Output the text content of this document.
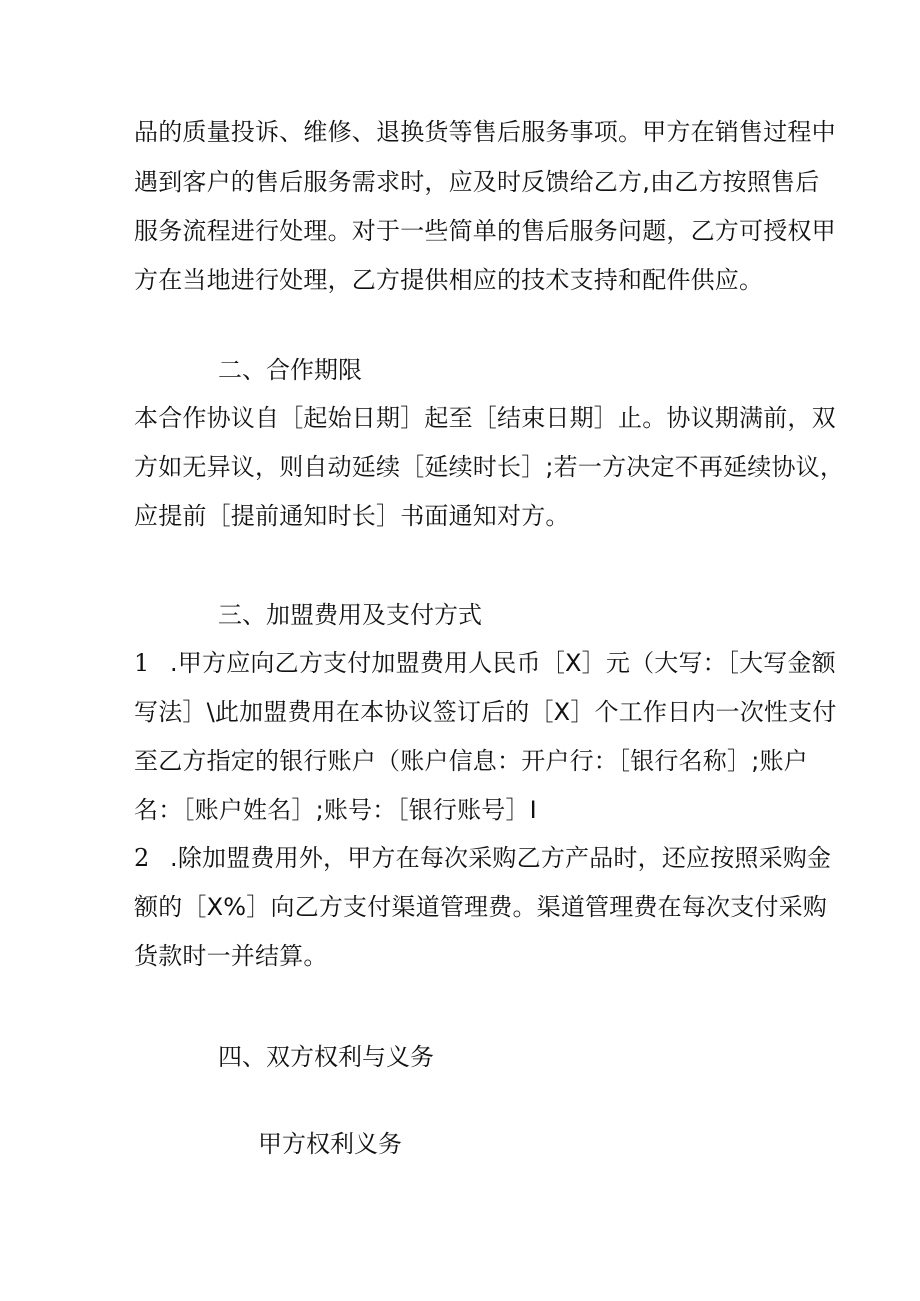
品的质量投诉、维修、退换货等售后服务事项。甲方在销售过程中
遇到客户的售后服务需求时，应及时反馈给乙方,由乙方按照售后
服务流程进行处理。对于一些简单的售后服务问题，乙方可授权甲
方在当地进行处理，乙方提供相应的技术支持和配件供应。
二、合作期限
本合作协议自［起始日期］起至［结束日期］止。协议期满前，双
方如无异议，则自动延续［延续时长］;若一方决定不再延续协议，
应提前［提前通知时长］书面通知对方。
三、加盟费用及支付方式
1 .甲方应向乙方支付加盟费用人民币［X］元（大写：［大写金额
写法］\此加盟费用在本协议签订后的［X］个工作日内一次性支付
至乙方指定的银行账户（账户信息：开户行：［银行名称］;账户
名：［账户姓名］;账号：［银行账号］I
2 .除加盟费用外，甲方在每次采购乙方产品时，还应按照采购金
额的［X%］向乙方支付渠道管理费。渠道管理费在每次支付采购
货款时一并结算。
四、双方权利与义务
甲方权利义务
